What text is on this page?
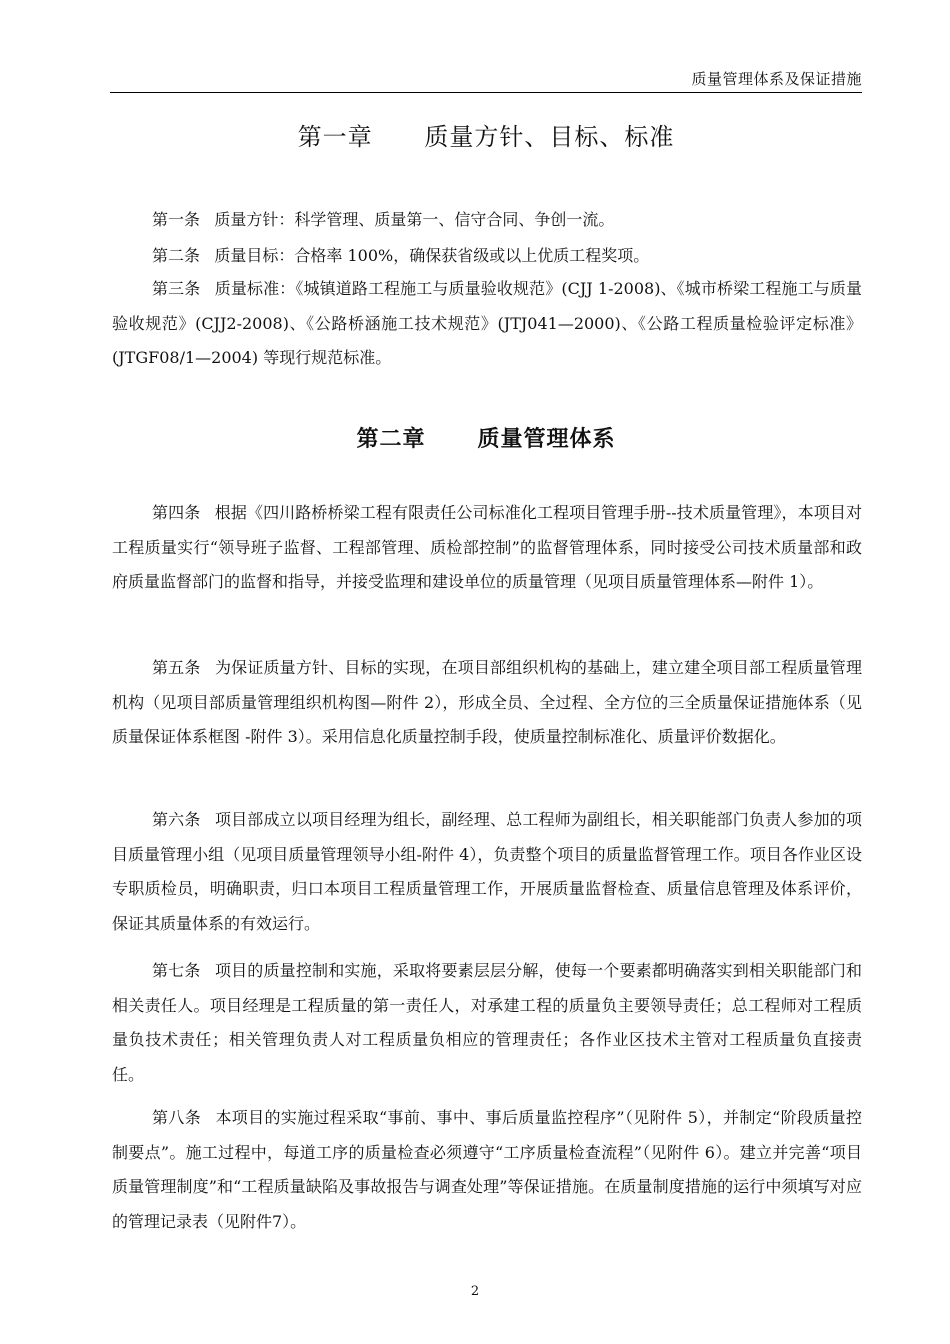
质量管理体系及保证措施
第一章      质量方针、目标、标准

第一条 质量方针：科学管理、质量第一、信守合同、争创一流。

第二条 质量目标：合格率 100%，确保获省级或以上优质工程奖项。

第三条 质量标准：《城镇道路工程施工与质量验收规范》(CJJ 1-2008)、《城市桥梁工程施工与质量验收规范》(CJJ2-2008)、《公路桥涵施工技术规范》(JTJ041—2000)、《公路工程质量检验评定标准》(JTGF08/1—2004) 等现行规范标准。

第二章      质量管理体系

第四条 根据《四川路桥桥梁工程有限责任公司标准化工程项目管理手册--技术质量管理》，本项目对工程质量实行“领导班子监督、工程部管理、质检部控制”的监督管理体系，同时接受公司技术质量部和政府质量监督部门的监督和指导，并接受监理和建设单位的质量管理（见项目质量管理体系—附件 1）。

第五条 为保证质量方针、目标的实现，在项目部组织机构的基础上，建立建全项目部工程质量管理机构（见项目部质量管理组织机构图—附件 2），形成全员、全过程、全方位的三全质量保证措施体系（见质量保证体系框图 -附件 3）。采用信息化质量控制手段，使质量控制标准化、质量评价数据化。

第六条 项目部成立以项目经理为组长，副经理、总工程师为副组长，相关职能部门负责人参加的项目质量管理小组（见项目质量管理领导小组-附件 4），负责整个项目的质量监督管理工作。项目各作业区设专职质检员，明确职责，归口本项目工程质量管理工作，开展质量监督检查、质量信息管理及体系评价，保证其质量体系的有效运行。

第七条 项目的质量控制和实施，采取将要素层层分解，使每一个要素都明确落实到相关职能部门和相关责任人。项目经理是工程质量的第一责任人，对承建工程的质量负主要领导责任；总工程师对工程质量负技术责任；相关管理负责人对工程质量负相应的管理责任；各作业区技术主管对工程质量负直接责任。

第八条 本项目的实施过程采取“事前、事中、事后质量监控程序”（见附件 5），并制定“阶段质量控制要点”。施工过程中，每道工序的质量检查必须遵守“工序质量检查流程”（见附件 6）。建立并完善“项目质量管理制度”和“工程质量缺陷及事故报告与调查处理”等保证措施。在质量制度措施的运行中须填写对应的管理记录表（见附件7）。

2
